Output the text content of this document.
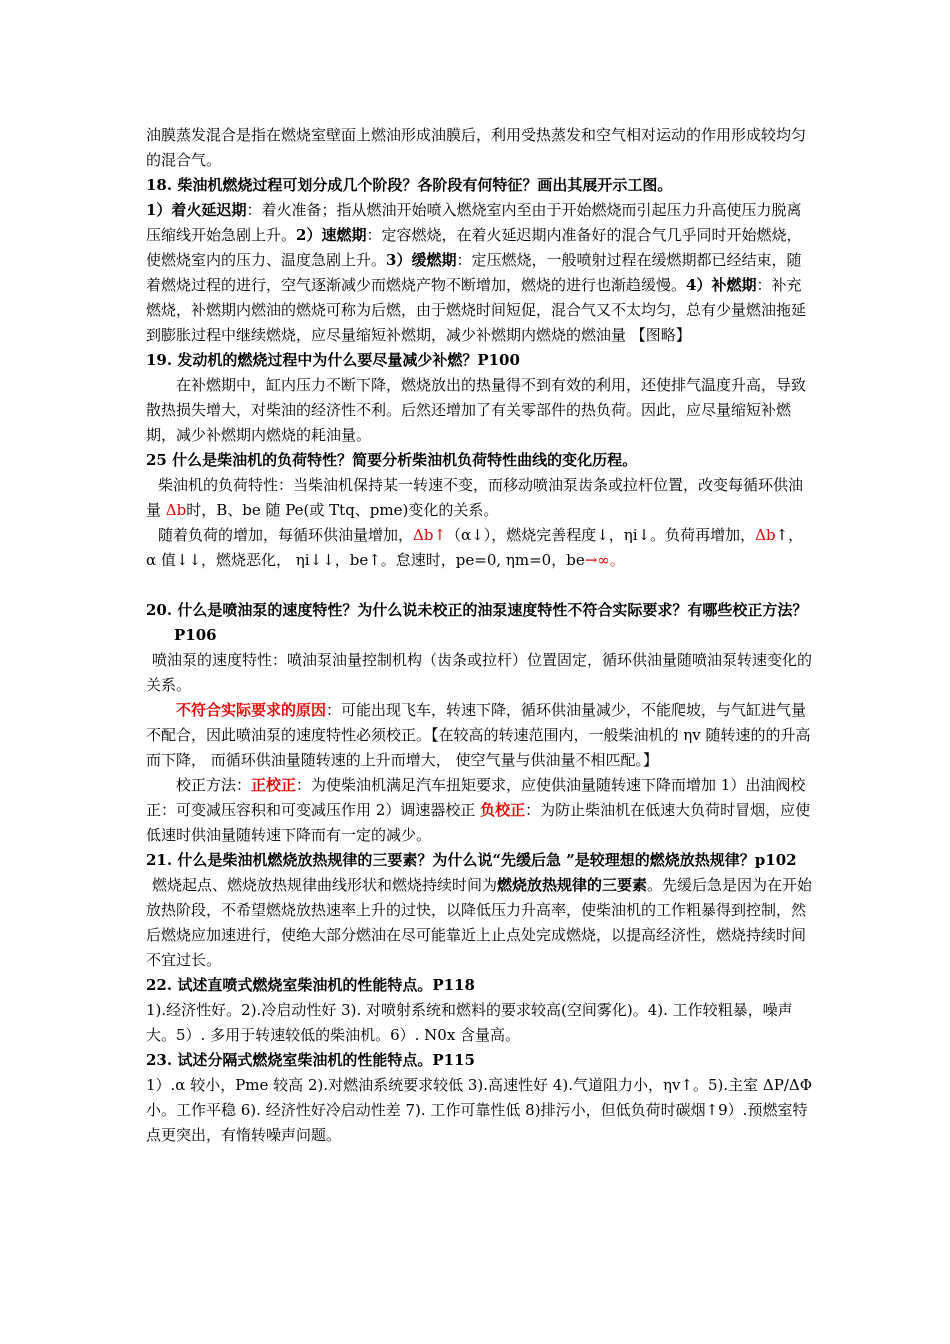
油膜蒸发混合是指在燃烧室壁面上燃油形成油膜后，利用受热蒸发和空气相对运动的作用形成较均匀的混合气。

18. 柴油机燃烧过程可划分成几个阶段？各阶段有何特征？画出其展开示工图。

1）着火延迟期：着火准备；指从燃油开始喷入燃烧室内至由于开始燃烧而引起压力升高使压力脱离压缩线开始急剧上升。2）速燃期：定容燃烧，在着火延迟期内准备好的混合气几乎同时开始燃烧，使燃烧室内的压力、温度急剧上升。3）缓燃期：定压燃烧，一般喷射过程在缓燃期都已经结束，随着燃烧过程的进行，空气逐渐减少而燃烧产物不断增加，燃烧的进行也渐趋缓慢。4）补燃期：补充燃烧，补燃期内燃油的燃烧可称为后燃，由于燃烧时间短促，混合气又不太均匀，总有少量燃油拖延到膨胀过程中继续燃烧，应尽量缩短补燃期，减少补燃期内燃烧的燃油量 【图略】

19. 发动机的燃烧过程中为什么要尽量减少补燃？P100

在补燃期中，缸内压力不断下降，燃烧放出的热量得不到有效的利用，还使排气温度升高，导致散热损失增大，对柴油的经济性不利。后然还增加了有关零部件的热负荷。因此，应尽量缩短补燃期，减少补燃期内燃烧的耗油量。

25 什么是柴油机的负荷特性？简要分析柴油机负荷特性曲线的变化历程。

柴油机的负荷特性：当柴油机保持某一转速不变，而移动喷油泵齿条或拉杆位置，改变每循环供油量 Δb时，B、be 随 Pe(或 Ttq、pme)变化的关系。

随着负荷的增加，每循环供油量增加，Δb↑（α↓），燃烧完善程度↓，ηi↓。负荷再增加，Δb↑， α 值↓↓，燃烧恶化， ηi↓↓，be↑。怠速时，pe=0, ηm=0，be→∞。

20. 什么是喷油泵的速度特性？为什么说未校正的油泵速度特性不符合实际要求？有哪些校正方法？P106

喷油泵的速度特性：喷油泵油量控制机构（齿条或拉杆）位置固定，循环供油量随喷油泵转速变化的关系。

不符合实际要求的原因：可能出现飞车，转速下降，循环供油量减少，不能爬坡，与气缸进气量不配合，因此喷油泵的速度特性必须校正。【在较高的转速范围内，一般柴油机的 ηv 随转速的的升高而下降， 而循环供油量随转速的上升而增大， 使空气量与供油量不相匹配。】

校正方法：正校正：为使柴油机满足汽车扭矩要求，应使供油量随转速下降而增加 1）出油阀校正：可变减压容积和可变减压作用 2）调速器校正 负校正：为防止柴油机在低速大负荷时冒烟，应使低速时供油量随转速下降而有一定的减少。

21. 什么是柴油机燃烧放热规律的三要素？为什么说“先缓后急 ”是较理想的燃烧放热规律？p102

燃烧起点、燃烧放热规律曲线形状和燃烧持续时间为燃烧放热规律的三要素。先缓后急是因为在开始放热阶段，不希望燃烧放热速率上升的过快，以降低压力升高率，使柴油机的工作粗暴得到控制，然后燃烧应加速进行，使绝大部分燃油在尽可能靠近上止点处完成燃烧，以提高经济性，燃烧持续时间不宜过长。

22. 试述直喷式燃烧室柴油机的性能特点。P118

1).经济性好。2).冷启动性好 3). 对喷射系统和燃料的要求较高(空间雾化)。4). 工作较粗暴，噪声大。5）. 多用于转速较低的柴油机。6）. N0x 含量高。

23. 试述分隔式燃烧室柴油机的性能特点。P115

1）.α 较小，Pme 较高 2).对燃油系统要求较低 3).高速性好 4).气道阻力小，ηv↑。5).主室 ΔP/ΔΦ 小。工作平稳 6). 经济性好冷启动性差 7). 工作可靠性低 8)排污小，但低负荷时碳烟↑9）.预燃室特点更突出，有惰转噪声问题。
